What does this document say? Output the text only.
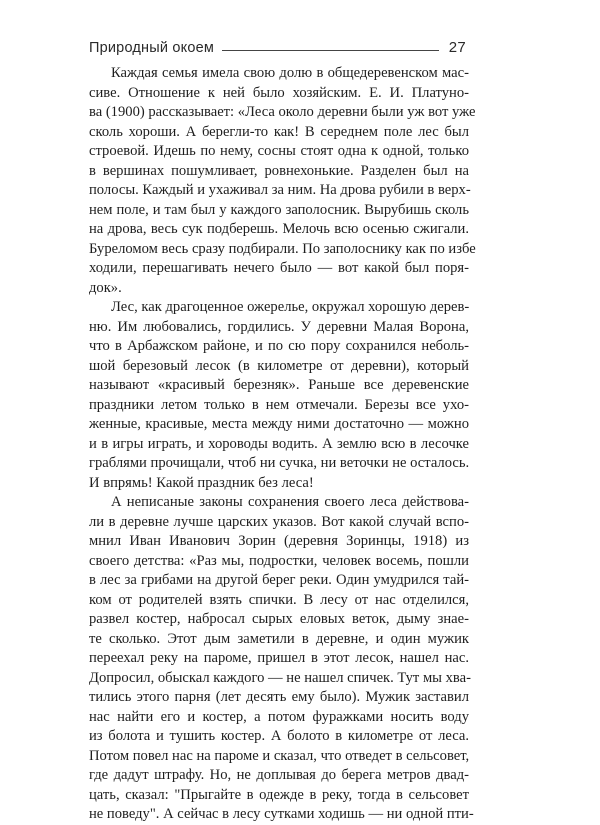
Природный окоем	27
Каждая семья имела свою долю в общедеревенском мас-
сиве. Отношение к ней было хозяйским. Е. И. Платуно-
ва (1900) рассказывает: «Леса около деревни были уж вот уже
сколь хороши. А берегли-то как! В середнем поле лес был
строевой. Идешь по нему, сосны стоят одна к одной, только
в вершинах пошумливает, ровнехонькие. Разделен был на
полосы. Каждый и ухаживал за ним. На дрова рубили в верх-
нем поле, и там был у каждого заполосник. Вырубишь сколь
на дрова, весь сук подберешь. Мелочь всю осенью сжигали.
Буреломом весь сразу подбирали. По заполоснику как по избе
ходили, перешагивать нечего было — вот какой был поря-
док».
Лес, как драгоценное ожерелье, окружал хорошую дерев-
ню. Им любовались, гордились. У деревни Малая Ворона,
что в Арбажском районе, и по сю пору сохранился неболь-
шой березовый лесок (в километре от деревни), который
называют «красивый березняк». Раньше все деревенские
праздники летом только в нем отмечали. Березы все ухо-
женные, красивые, места между ними достаточно — можно
и в игры играть, и хороводы водить. А землю всю в лесочке
граблями прочищали, чтоб ни сучка, ни веточки не осталось.
И впрямь! Какой праздник без леса!
А неписаные законы сохранения своего леса действова-
ли в деревне лучше царских указов. Вот какой случай вспо-
мнил Иван Иванович Зорин (деревня Зоринцы, 1918) из
своего детства: «Раз мы, подростки, человек восемь, пошли
в лес за грибами на другой берег реки. Один умудрился тай-
ком от родителей взять спички. В лесу от нас отделился,
развел костер, набросал сырых еловых веток, дыму знае-
те сколько. Этот дым заметили в деревне, и один мужик
переехал реку на пароме, пришел в этот лесок, нашел нас.
Допросил, обыскал каждого — не нашел спичек. Тут мы хва-
тились этого парня (лет десять ему было). Мужик заставил
нас найти его и костер, а потом фуражками носить воду
из болота и тушить костер. А болото в километре от леса.
Потом повел нас на пароме и сказал, что отведет в сельсовет,
где дадут штрафу. Но, не доплывая до берега метров двад-
цать, сказал: "Прыгайте в одежде в реку, тогда в сельсовет
не поведу". А сейчас в лесу сутками ходишь — ни одной пти-
